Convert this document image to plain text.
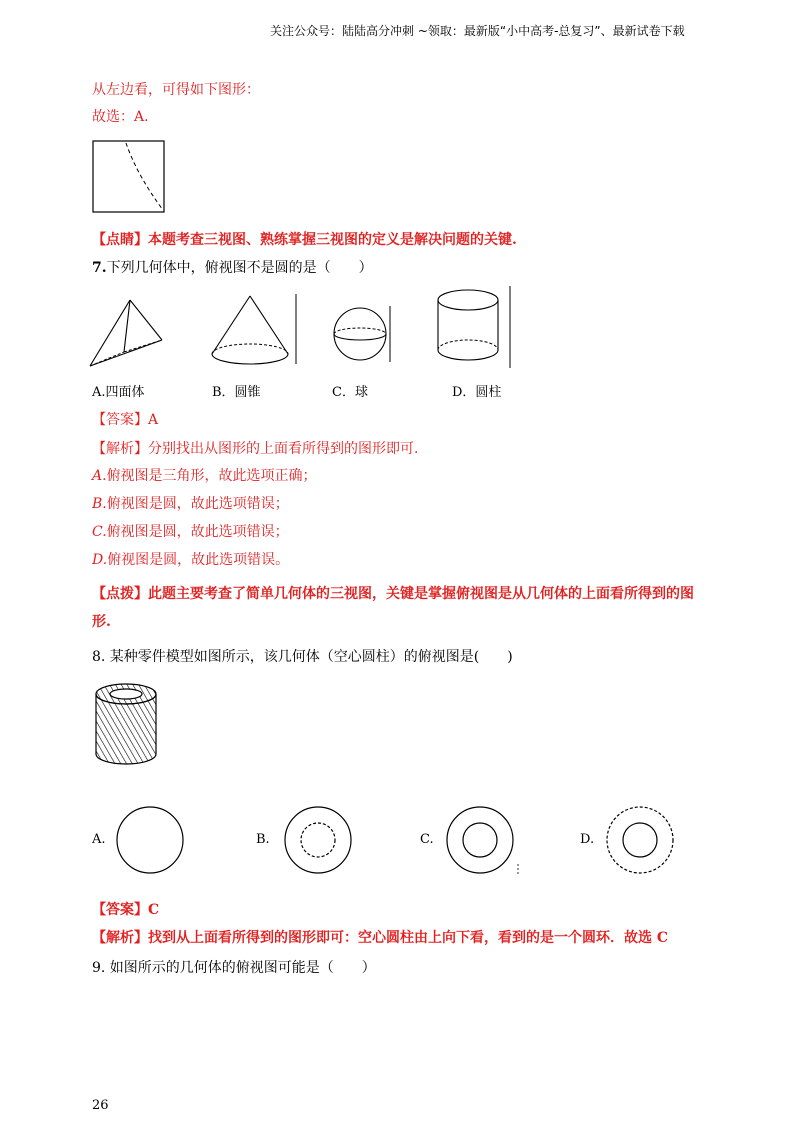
关注公众号：陆陆高分冲刺 ~领取：最新版“小中高考-总复习”、最新试卷下载
从左边看，可得如下图形：
故选：A.
【点睛】本题考查三视图、熟练掌握三视图的定义是解决问题的关键.
7.下列几何体中，俯视图不是圆的是（　　）
A.四面体	B．圆锥	C．球	D．圆柱
【答案】A
【解析】分别找出从图形的上面看所得到的图形即可.
A.俯视图是三角形，故此选项正确；
B.俯视图是圆，故此选项错误；
C.俯视图是圆，故此选项错误；
D.俯视图是圆，故此选项错误。
【点拨】此题主要考查了简单几何体的三视图，关键是掌握俯视图是从几何体的上面看所得到的图
形.
8. 某种零件模型如图所示，该几何体（空心圆柱）的俯视图是(　　)
A.	B.	C.	D.
【答案】C
【解析】找到从上面看所得到的图形即可：空心圆柱由上向下看，看到的是一个圆环．故选 C
9. 如图所示的几何体的俯视图可能是（　　）
26
